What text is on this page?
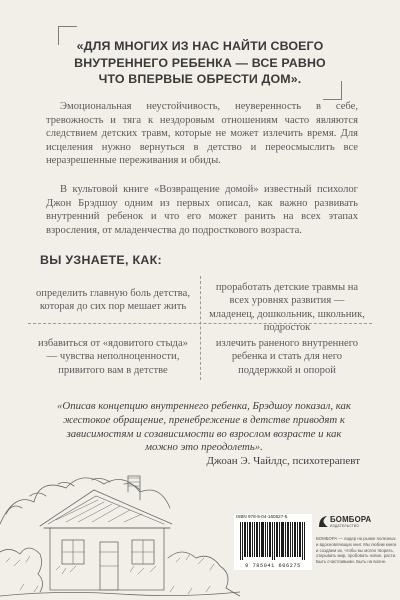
«ДЛЯ МНОГИХ ИЗ НАС НАЙТИ СВОЕГО
ВНУТРЕННЕГО РЕБЕНКА — ВСЕ РАВНО
ЧТО ВПЕРВЫЕ ОБРЕСТИ ДОМ».

Эмоциональная неустойчивость, неуверенность в себе, тревожность и тяга к нездоровым отношениям часто являются следствием детских травм, которые не может излечить время. Для исцеления нужно вернуться в детство и переосмыслить все неразрешенные переживания и обиды.

В культовой книге «Возвращение домой» известный психолог Джон Брэдшоу одним из первых описал, как важно развивать внутренний ребенок и что его может ранить на всех этапах взросления, от младенчества до подросткового возраста.

ВЫ УЗНАЕТЕ, КАК:
определить главную боль детства, которая до сих пор мешает жить
проработать детские травмы на всех уровнях развития — младенец, дошкольник, школьник, подросток
избавиться от «ядовитого стыда» — чувства неполноценности, привитого вам в детстве
излечить раненого внутреннего ребенка и стать для него поддержкой и опорой

«Описав концепцию внутреннего ребенка, Брэдшоу показал, как жестокое обращение, пренебрежение в детстве приводят к зависимостям и созависимости во взрослом возрасте и как можно это преодолеть».

Джоан Э. Чайлдс, психотерапевт
ISBN 978-5-04-160627-5
9 785041 606275
БОМБОРА
ИЗДАТЕЛЬСТВО
БОМБОРА — лидер на рынке полезных и вдохновляющих книг. Мы любим книги и создаем их, чтобы вы могли творить, открывать мир, пробовать новое, расти. Быть счастливыми. Быть на волне.
